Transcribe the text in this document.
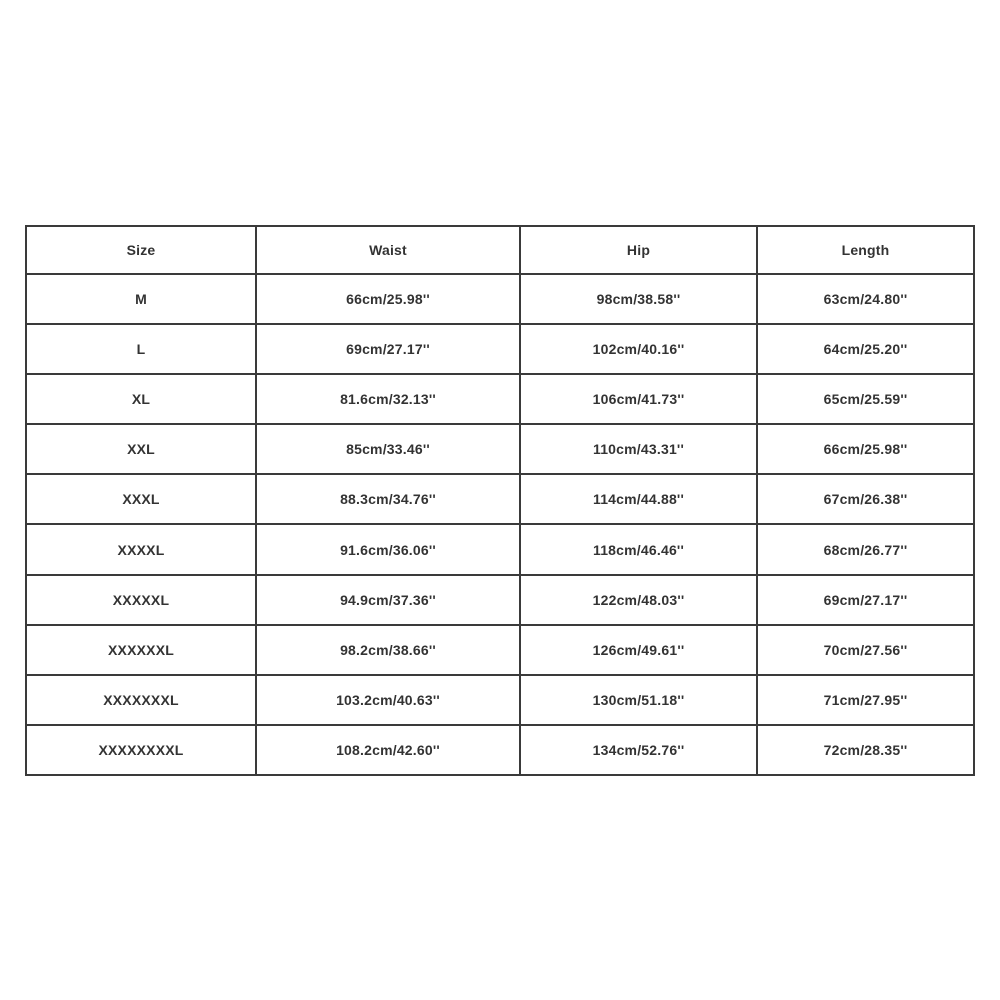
Size	Waist	Hip	Length
M	66cm/25.98''	98cm/38.58''	63cm/24.80''
L	69cm/27.17''	102cm/40.16''	64cm/25.20''
XL	81.6cm/32.13''	106cm/41.73''	65cm/25.59''
XXL	85cm/33.46''	110cm/43.31''	66cm/25.98''
XXXL	88.3cm/34.76''	114cm/44.88''	67cm/26.38''
XXXXL	91.6cm/36.06''	118cm/46.46''	68cm/26.77''
XXXXXL	94.9cm/37.36''	122cm/48.03''	69cm/27.17''
XXXXXXL	98.2cm/38.66''	126cm/49.61''	70cm/27.56''
XXXXXXXL	103.2cm/40.63''	130cm/51.18''	71cm/27.95''
XXXXXXXXL	108.2cm/42.60''	134cm/52.76''	72cm/28.35''
